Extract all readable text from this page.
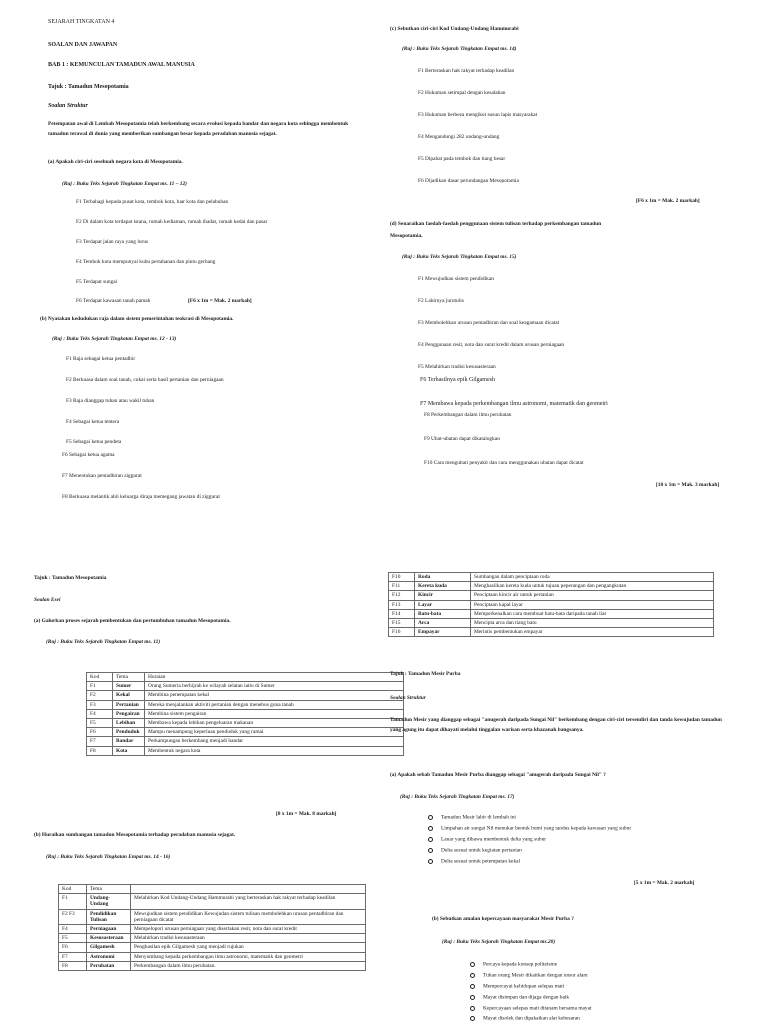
SEJARAH TINGKATAN 4
SOALAN DAN JAWAPAN
BAB 1 : KEMUNCULAN TAMADUN AWAL MANUSIA
Tajuk : Tamadun Mesopotamia
Soalan Struktur
Petempatan awal di Lembah Mesopotamia telah berkembang secara evolusi kepada bandar dan negara kota sehingga membentuk tamadun terawal di dunia yang memberikan sumbangan besar kepada peradaban manusia sejagat.
(a) Apakah ciri-ciri sesebuah negara kota di Mesopotamia.
(Ruj : Buku Teks Sejarah Tingkatan Empat ms. 11 – 12)
F1 Terbahagi kepada pusat kota, tembok kota, luar kota dan pelabuhan
F2 Di dalam kota terdapat istana, rumah kediaman, rumah ibadat, rumah kedai dan pasar
F3 Terdapat jalan raya yang lurus
F4 Tembok kota mempunyai kubu pertahanan dan pintu gerbang
F5 Terdapat sungai
F6 Terdapat kawasan tanah pamah	[F6 x 1m = Mak. 2 markah]
(b) Nyatakan kedudukan raja dalam sistem pemerintahan teokrasi di Mesopotamia.
(Ruj : Buku Teks Sejarah Tingkatan Empat ms. 12 - 13)
F1 Raja sebagai ketua pentadbir
F2 Berkuasa dalam soal tanah, cukai serta hasil pertanian dan perniagaan
F3 Raja dianggap tuhan atau wakil tuhan
F4 Sebagai ketua tentera
F5 Sebagai ketua pendeta
F6 Sebagai ketua agama
F7 Menentukan pentadbiran ziggurat
F8 Berkuasa melantik ahli keluarga diraja memegang jawatan di ziggurat
(c) Sebutkan ciri-ciri Kod Undang-Undang Hammurabi
(Ruj : Buku Teks Sejarah Tingkatan Empat ms. 14)
F1 Berteraskan hak rakyat terhadap keadilan
F2 Hukuman setimpal dengan kesalahan
F3 Hukuman berbeza mengikut susun lapis masyarakat
F4 Mengandungi 282 undang-undang
F5 Dipahat pada tembok dan tiang besar
F6 Dijadikan dasar perundangan Mesopotamia
[F6 x 1m = Mak. 2 markah]
(d) Senaraikan faedah-faedah penggunaan sistem tulisan terhadap perkembangan tamadun
Mesopotamia.
(Ruj : Buku Teks Sejarah Tingkatan Empat ms. 15)
F1 Mewujudkan sistem pendidikan
F2 Lahirnya jurutulis
F3 Membolehkan urusan pentadbiran dan soal keagamaan dicatat
F4 Penggunaan resit, nota dan surat kredit dalam urusan perniagaan
F5 Melahirkan tradisi kesusasteraan
F6 Terhasilnya epik Gilgamesh
F7 Membawa kepada perkembangan ilmu astronomi, matematik dan geometri
F8 Perkembangan dalam ilmu perubatan
F9 Ubat-ubatan dapat dikatalogkan
F10 Cara mengubati penyakit dan cara menggunakan ubatan dapat dicatat
[10 x 1m = Mak. 3 markah]
Tajuk : Tamadun Mesopotamia
Soalan Esei
(a) Galurkan proses sejarah pembentukan dan pertumbuhan tamadun Mesopotamia.
(Ruj : Buku Teks Sejarah Tingkatan Empat ms. 11)
Kod	Tema	Huraian
F1	Sumer	Orang Sumeria berhijrah ke wilayah selatan iaitu di Sumer
F2	Kekal	Membina penempatan kekal
F3	Pertanian	Mereka menjalankan aktiviti pertanian dengan menebus guna tanah
F4	Pengairan	Membina sistem pengairan
F5	Lebihan	Membawa kepada lebihan pengeluaran makanan
F6	Penduduk	Mampu menampung keperluan penduduk yang ramai
F7	Bandar	Perkampungan berkembang menjadi bandar
F8	Kota	Membentuk negara kota
[8 x 1m = Mak. 8 markah]
(b) Huraikan sumbangan tamadun Mesopotamia terhadap peradaban manusia sejagat.
(Ruj : Buku Teks Sejarah Tingkatan Empat ms. 14 - 16)
Kod	Tema	
F1	Undang-Undang	Melahirkan Kod Undang-Undang Hammurabi yang berteraskan hak rakyat terhadap keadilan
F2 F3	Pendidikan Tulisan	Mewujudkan sistem pendidikan Kewujudan sistem tulisan membolehkan urusan pentadbiran dan perniagaan dicatat
F4	Perniagaan	Mempelopori urusan perniagaan yang disertakan resit, nota dan surat kredit
F5	Kesusasteraan	Melahirkan tradisi kesusasteraan
F6	Gilgamesh	Penghasilan epik Gilgamesh yang menjadi rujukan
F7	Astronomi	Menyumbang kepada perkembangan ilmu astronomi, matematik dan geometri
F8	Perubatan	Perkembangan dalam ilmu perubatan.
F10	Roda	Sumbangan dalam penciptaan roda
F11	Kereta kuda	Menghasilkan kereta kuda untuk tujuan peperangan dan pengangkutan
F12	Kincir	Penciptaan kincir air untuk pertanian
F13	Layar	Penciptaan kapal layar
F14	Batu-bata	Memperkenalkan cara membuat batu-bata daripada tanah liat
F15	Arca	Mencipta arca dan tiang batu
F16	Empayar	Merintis pembentukan empayar
Tajuk : Tamadun Mesir Purba
Soalan Struktur
Tamadun Mesir yang dianggap sebagai "anugerah daripada Sungai Nil" berkembang dengan ciri-ciri tersendiri dan tanda kewujudan tamadun yang agung itu dapat dihayati melalui tinggalan warisan serta khazanah bangsanya.
(a) Apakah sebab Tamadun Mesir Purba dianggap sebagai "anugerah daripada Sungai Nil" ?
(Ruj : Buku Teks Sejarah Tingkatan Empat ms. 17)
Tamadun Mesir lahir di lembah ini
Limpahan air sungai Nil menukar bentuk bumi yang tandus kepada kawasan yang subur
Lanar yang dibawa membentuk delta yang subur
Delta sesuai untuk kegiatan pertanian
Delta sesuai untuk petempatan kekal
[5 x 1m = Mak. 2 markah]
(b) Sebutkan amalan kepercayaan masyarakat Mesir Purba ?
(Ruj : Buku Teks Sejarah Tingkatan Empat ms.20)
Percaya kepada konsep politeisme
Tuhan orang Mesir dikaitkan dengan unsur alam
Mempercayai kehidupan selepas mati
Mayat disimpan dan dijaga dengan baik
Kepercayaan selepas mati ditanam bersama mayat
Mayat disolek dan dipakaikan alat kebesaran
